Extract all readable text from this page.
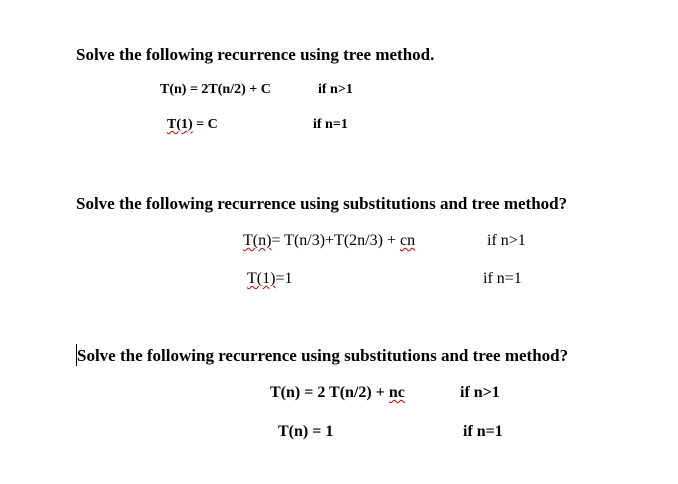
Solve the following recurrence using tree method.
T(n) = 2T(n/2) + C	if n>1
T(1) = C	if n=1
Solve the following recurrence using substitutions and tree method?
T(n)= T(n/3)+T(2n/3) + cn	if n>1
T(1)=1	if n=1
Solve the following recurrence using substitutions and tree method?
T(n) = 2 T(n/2) + nc	if n>1
T(n) = 1	if n=1
